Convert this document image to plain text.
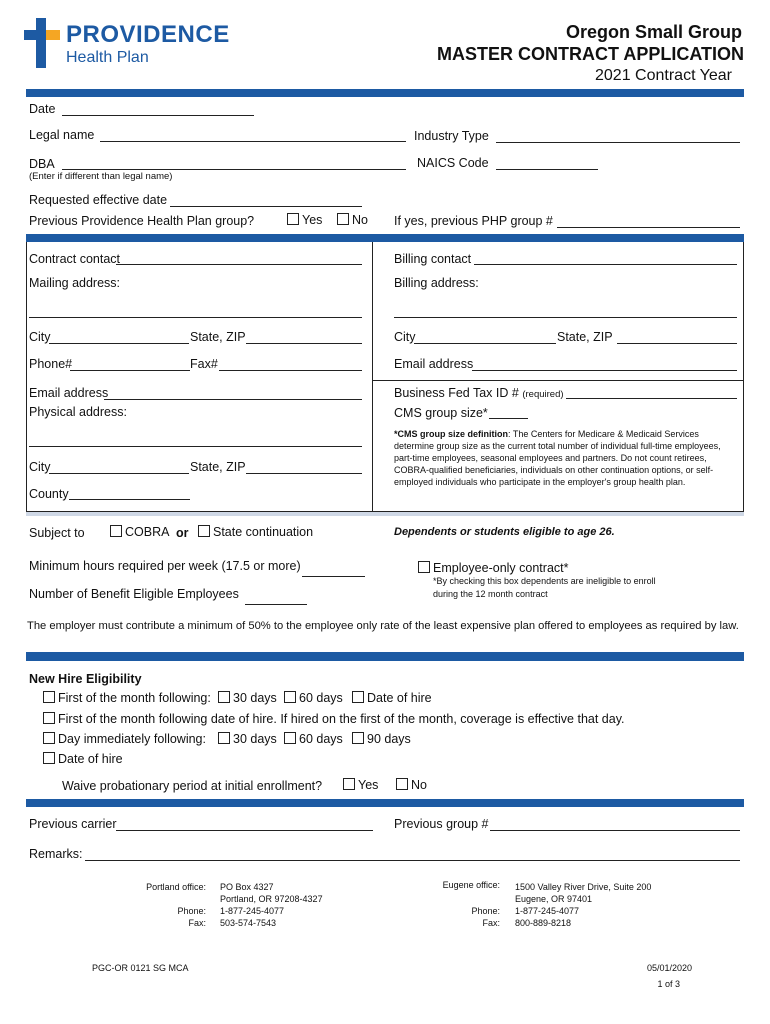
PROVIDENCE
Health Plan
Oregon Small Group
MASTER CONTRACT APPLICATION
2021 Contract Year
Date
Legal name	Industry Type
DBA	NAICS Code
(Enter if different than legal name)
Requested effective date
Previous Providence Health Plan group?	Yes	No If yes, previous PHP group #
Contract contact
Mailing address:
City	State, ZIP
Phone#	Fax#
Email address
Physical address:
City	State, ZIP
County
Billing contact
Billing address:
City	State, ZIP
Email address
Business Fed Tax ID # (required)
CMS group size*
*CMS group size definition: The Centers for Medicare & Medicaid Services determine group size as the current total number of individual full-time employees, part-time employees, seasonal employees and partners. Do not count retirees, COBRA-qualified beneficiaries, individuals on other continuation options, or self-employed individuals who participate in the employer's group health plan.
Subject to	COBRA or	State continuation	Dependents or students eligible to age 26.
Minimum hours required per week (17.5 or more)	Employee-only contract*
*By checking this box dependents are ineligible to enroll
during the 12 month contract
Number of Benefit Eligible Employees
The employer must contribute a minimum of 50% to the employee only rate of the least expensive plan offered to employees as required by law.
New Hire Eligibility
First of the month following:	30 days	60 days	Date of hire
First of the month following date of hire. If hired on the first of the month, coverage is effective that day.
Day immediately following:	30 days	60 days	90 days
Date of hire
Waive probationary period at initial enrollment?	Yes	No
Previous carrier	Previous group #
Remarks:
Portland office: PO Box 4327
Portland, OR 97208-4327
Phone: 1-877-245-4077
Fax: 503-574-7543
Eugene office: 1500 Valley River Drive, Suite 200
Eugene, OR 97401
Phone: 1-877-245-4077
Fax: 800-889-8218
PGC-OR 0121 SG MCA	05/01/2020
1 of 3
